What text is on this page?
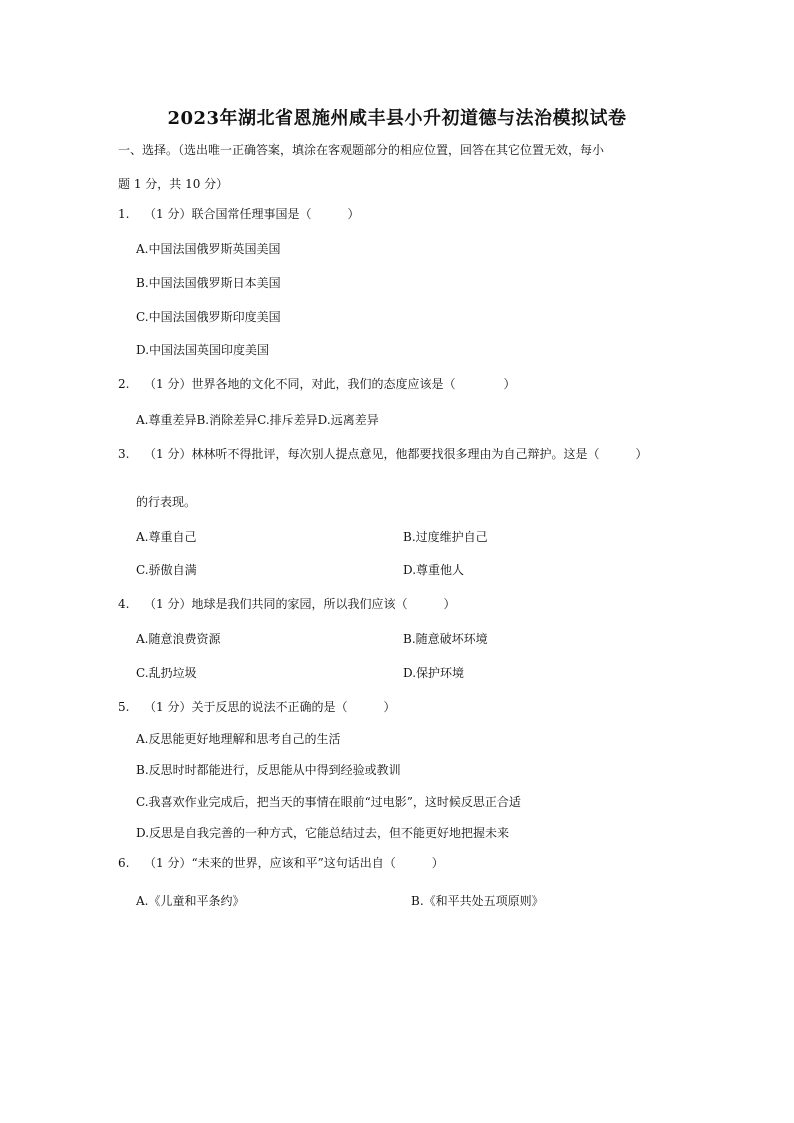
2023年湖北省恩施州咸丰县小升初道德与法治模拟试卷
一、选择。（选出唯一正确答案，填涂在客观题部分的相应位置，回答在其它位置无效，每小
题 1 分，共 10 分）
1. （1 分）联合国常任理事国是（　　　）
A.中国法国俄罗斯英国美国
B.中国法国俄罗斯日本美国
C.中国法国俄罗斯印度美国
D.中国法国英国印度美国
2. （1 分）世界各地的文化不同，对此，我们的态度应该是（　　　　）
A.尊重差异B.消除差异C.排斥差异D.远离差异
3. （1 分）林林听不得批评，每次别人提点意见，他都要找很多理由为自己辩护。这是（　　　）
的行表现。
A.尊重自己	B.过度维护自己
C.骄傲自满	D.尊重他人
4. （1 分）地球是我们共同的家园，所以我们应该（　　　）
A.随意浪费资源	B.随意破坏环境
C.乱扔垃圾	D.保护环境
5. （1 分）关于反思的说法不正确的是（　　　）
A.反思能更好地理解和思考自己的生活
B.反思时时都能进行，反思能从中得到经验或教训
C.我喜欢作业完成后，把当天的事情在眼前“过电影”，这时候反思正合适
D.反思是自我完善的一种方式，它能总结过去，但不能更好地把握未来
6. （1 分）“未来的世界，应该和平”这句话出自（　　　）
A.《儿童和平条约》	B.《和平共处五项原则》
